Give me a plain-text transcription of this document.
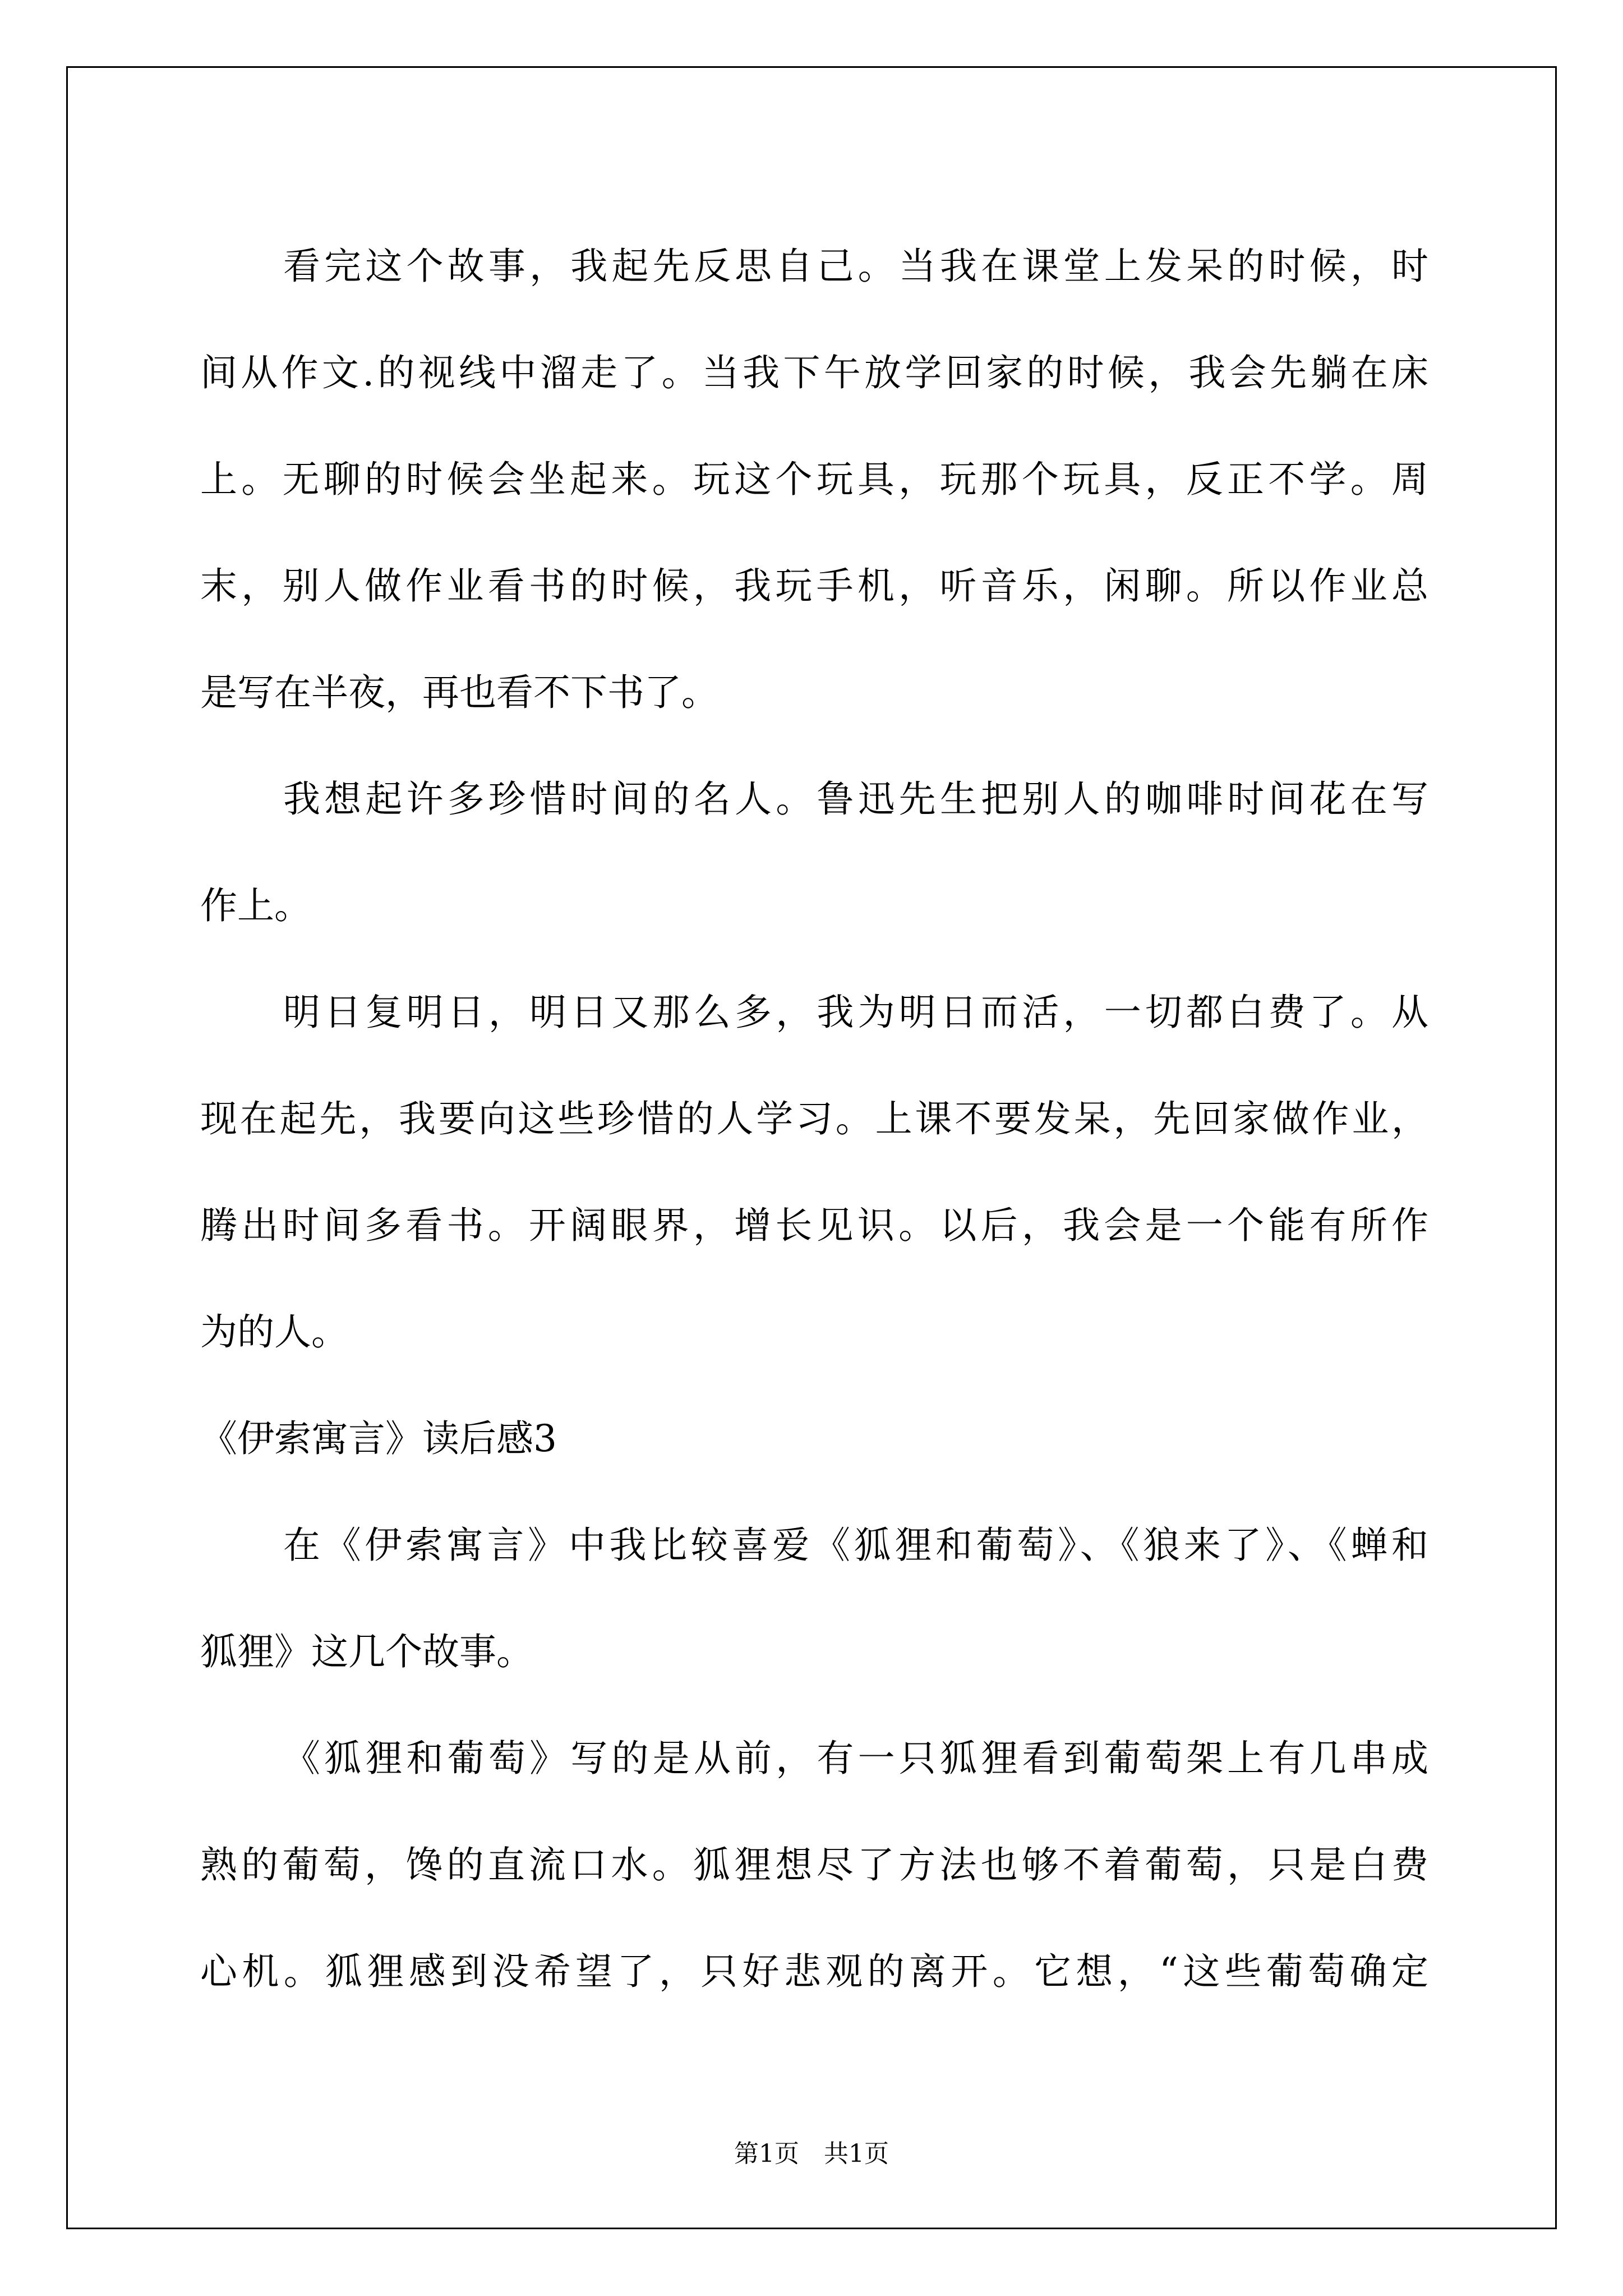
看完这个故事，我起先反思自己。当我在课堂上发呆的时候，时
间从作文.的视线中溜走了。当我下午放学回家的时候，我会先躺在床
上。无聊的时候会坐起来。玩这个玩具，玩那个玩具，反正不学。周
末，别人做作业看书的时候，我玩手机，听音乐，闲聊。所以作业总
是写在半夜，再也看不下书了。
我想起许多珍惜时间的名人。鲁迅先生把别人的咖啡时间花在写
作上。
明日复明日，明日又那么多，我为明日而活，一切都白费了。从
现在起先，我要向这些珍惜的人学习。上课不要发呆，先回家做作业，
腾出时间多看书。开阔眼界，增长见识。以后，我会是一个能有所作
为的人。
《伊索寓言》读后感3
在《伊索寓言》中我比较喜爱《狐狸和葡萄》、《狼来了》、《蝉和
狐狸》这几个故事。
《狐狸和葡萄》写的是从前，有一只狐狸看到葡萄架上有几串成
熟的葡萄，馋的直流口水。狐狸想尽了方法也够不着葡萄，只是白费
心机。狐狸感到没希望了，只好悲观的离开。它想，“这些葡萄确定
第1页　共1页
